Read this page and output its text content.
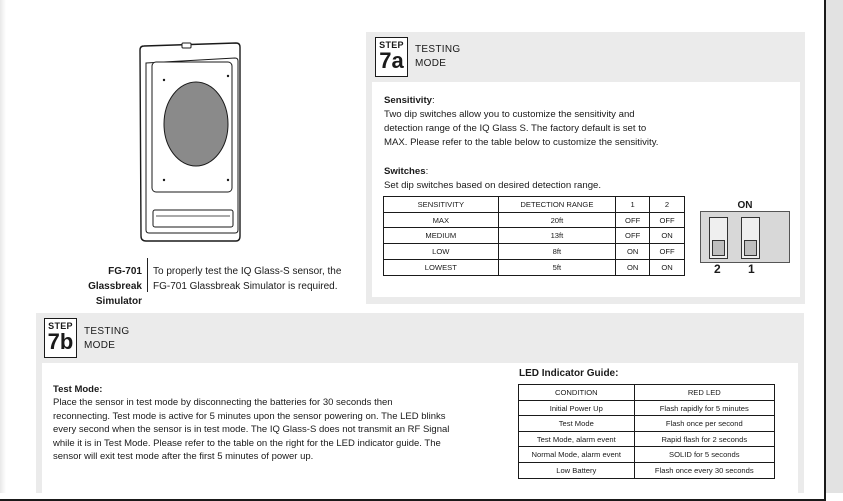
FG-701
Glassbreak Simulator
To properly test the IQ Glass-S sensor, the
FG-701 Glassbreak Simulator is required.
STEP
7a	TESTING
MODE
Sensitivity:
Two dip switches allow you to customize the sensitivity and
detection range of the IQ Glass S. The factory default is set to
MAX. Please refer to the table below to customize the sensitivity.
Switches:
Set dip switches based on desired detection range.
SENSITIVITY	DETECTION RANGE	1	2
MAX	20ft	OFF	OFF
MEDIUM	13ft	OFF	ON
LOW	8ft	ON	OFF
LOWEST	5ft	ON	ON
ON
2 1
STEP
7b TESTING
MODE
Test Mode:
Place the sensor in test mode by disconnecting the batteries for 30 seconds then
reconnecting. Test mode is active for 5 minutes upon the sensor powering on. The LED blinks
every second when the sensor is in test mode. The IQ Glass-S does not transmit an RF Signal
while it is in Test Mode. Please refer to the table on the right for the LED indicator guide. The
sensor will exit test mode after the first 5 minutes of power up.
LED Indicator Guide:
CONDITION	RED LED
Initial Power Up	Flash rapidly for 5 minutes
Test Mode	Flash once per second
Test Mode, alarm event	Rapid flash for 2 seconds
Normal Mode, alarm event	SOLID for 5 seconds
Low Battery	Flash once every 30 seconds
